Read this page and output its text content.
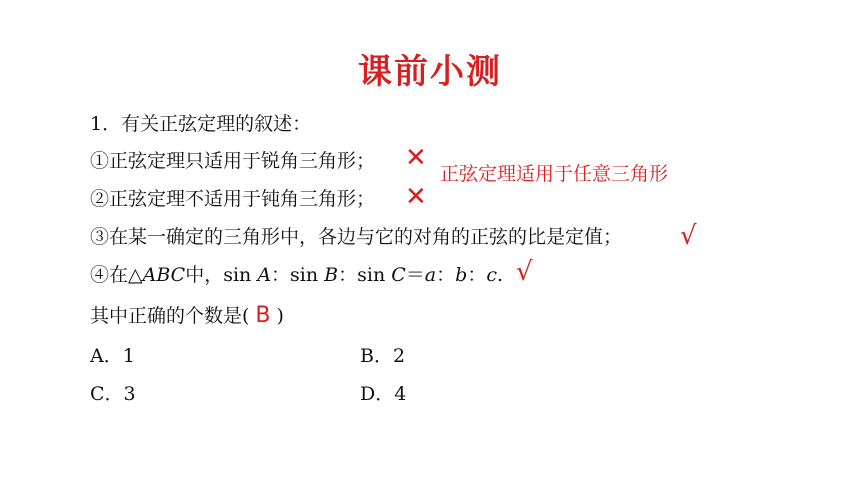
课前小测
1．有关正弦定理的叙述：
①正弦定理只适用于锐角三角形； ✕
②正弦定理不适用于钝角三角形； ✕
正弦定理适用于任意三角形
③在某一确定的三角形中，各边与它的对角的正弦的比是定值； √
④在△ABC中，sin A：sin B：sin C＝a：b：c. √
其中正确的个数是( B )
A．1	B．2
C．3	D．4
